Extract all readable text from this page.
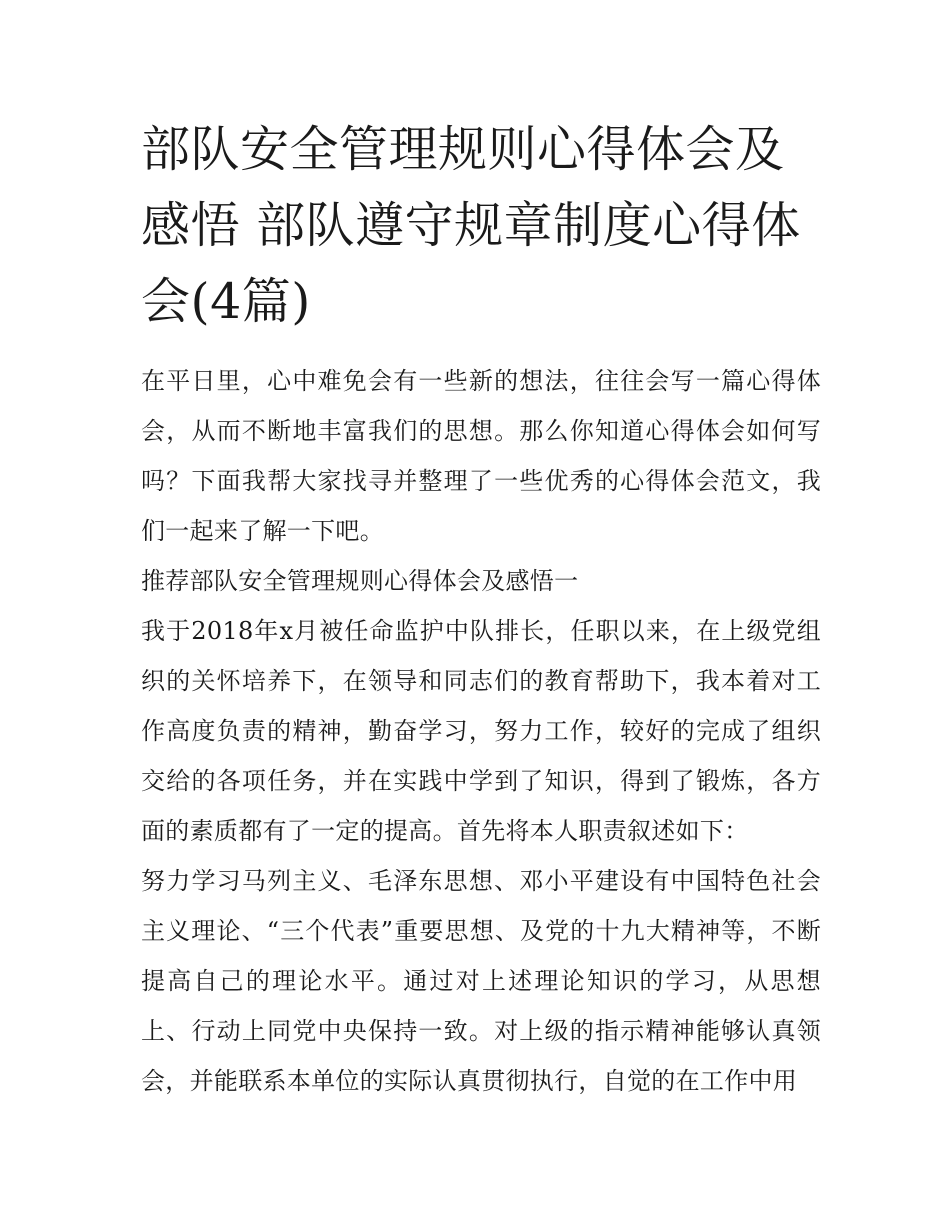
部队安全管理规则心得体会及感悟 部队遵守规章制度心得体会(4篇)

在平日里，心中难免会有一些新的想法，往往会写一篇心得体会，从而不断地丰富我们的思想。那么你知道心得体会如何写吗？下面我帮大家找寻并整理了一些优秀的心得体会范文，我们一起来了解一下吧。

推荐部队安全管理规则心得体会及感悟一

我于2018年x月被任命监护中队排长，任职以来，在上级党组织的关怀培养下，在领导和同志们的教育帮助下，我本着对工作高度负责的精神，勤奋学习，努力工作，较好的完成了组织交给的各项任务，并在实践中学到了知识，得到了锻炼，各方面的素质都有了一定的提高。首先将本人职责叙述如下：

努力学习马列主义、毛泽东思想、邓小平建设有中国特色社会主义理论、“三个代表”重要思想、及党的十九大精神等，不断提高自己的理论水平。通过对上述理论知识的学习，从思想上、行动上同党中央保持一致。对上级的指示精神能够认真领会，并能联系本单位的实际认真贯彻执行，自觉的在工作中用
